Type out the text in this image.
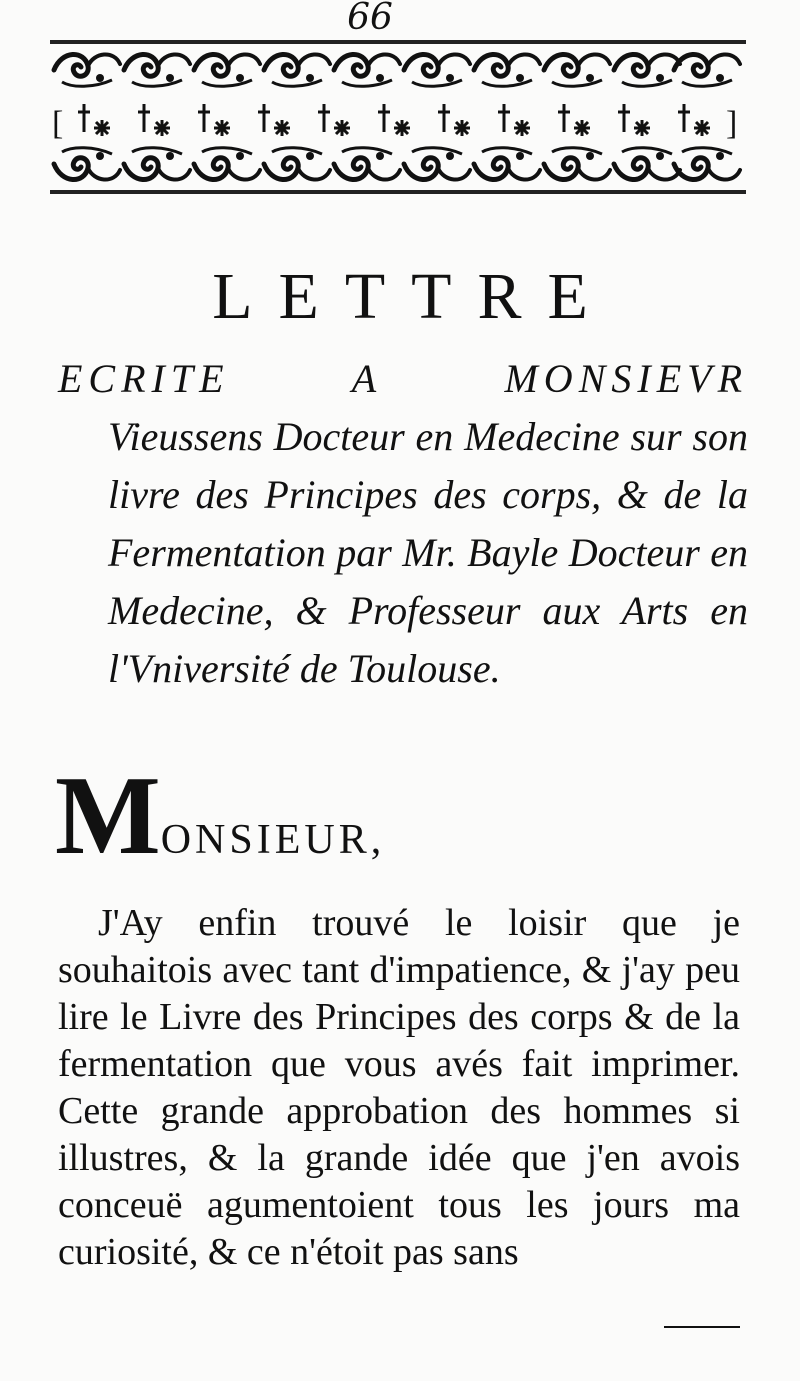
66
[	]
LETTRE

ECRITE A MONSIEVR
Vieussens Docteur en Medecine sur son livre des Principes des corps, & de la Fermentation par Mr. Bayle Docteur en Medecine, & Professeur aux Arts en l'Vniversité de Toulouse.

MONSIEUR,

J'Ay enfin trouvé le loisir que je souhaitois avec tant d'impatience, & j'ay peu lire le Livre des Principes des corps & de la fermentation que vous avés fait imprimer. Cette grande approbation des hommes si illustres, & la grande idée que j'en avois conceuë agumentoient tous les jours ma curiosité, & ce n'étoit pas sans
